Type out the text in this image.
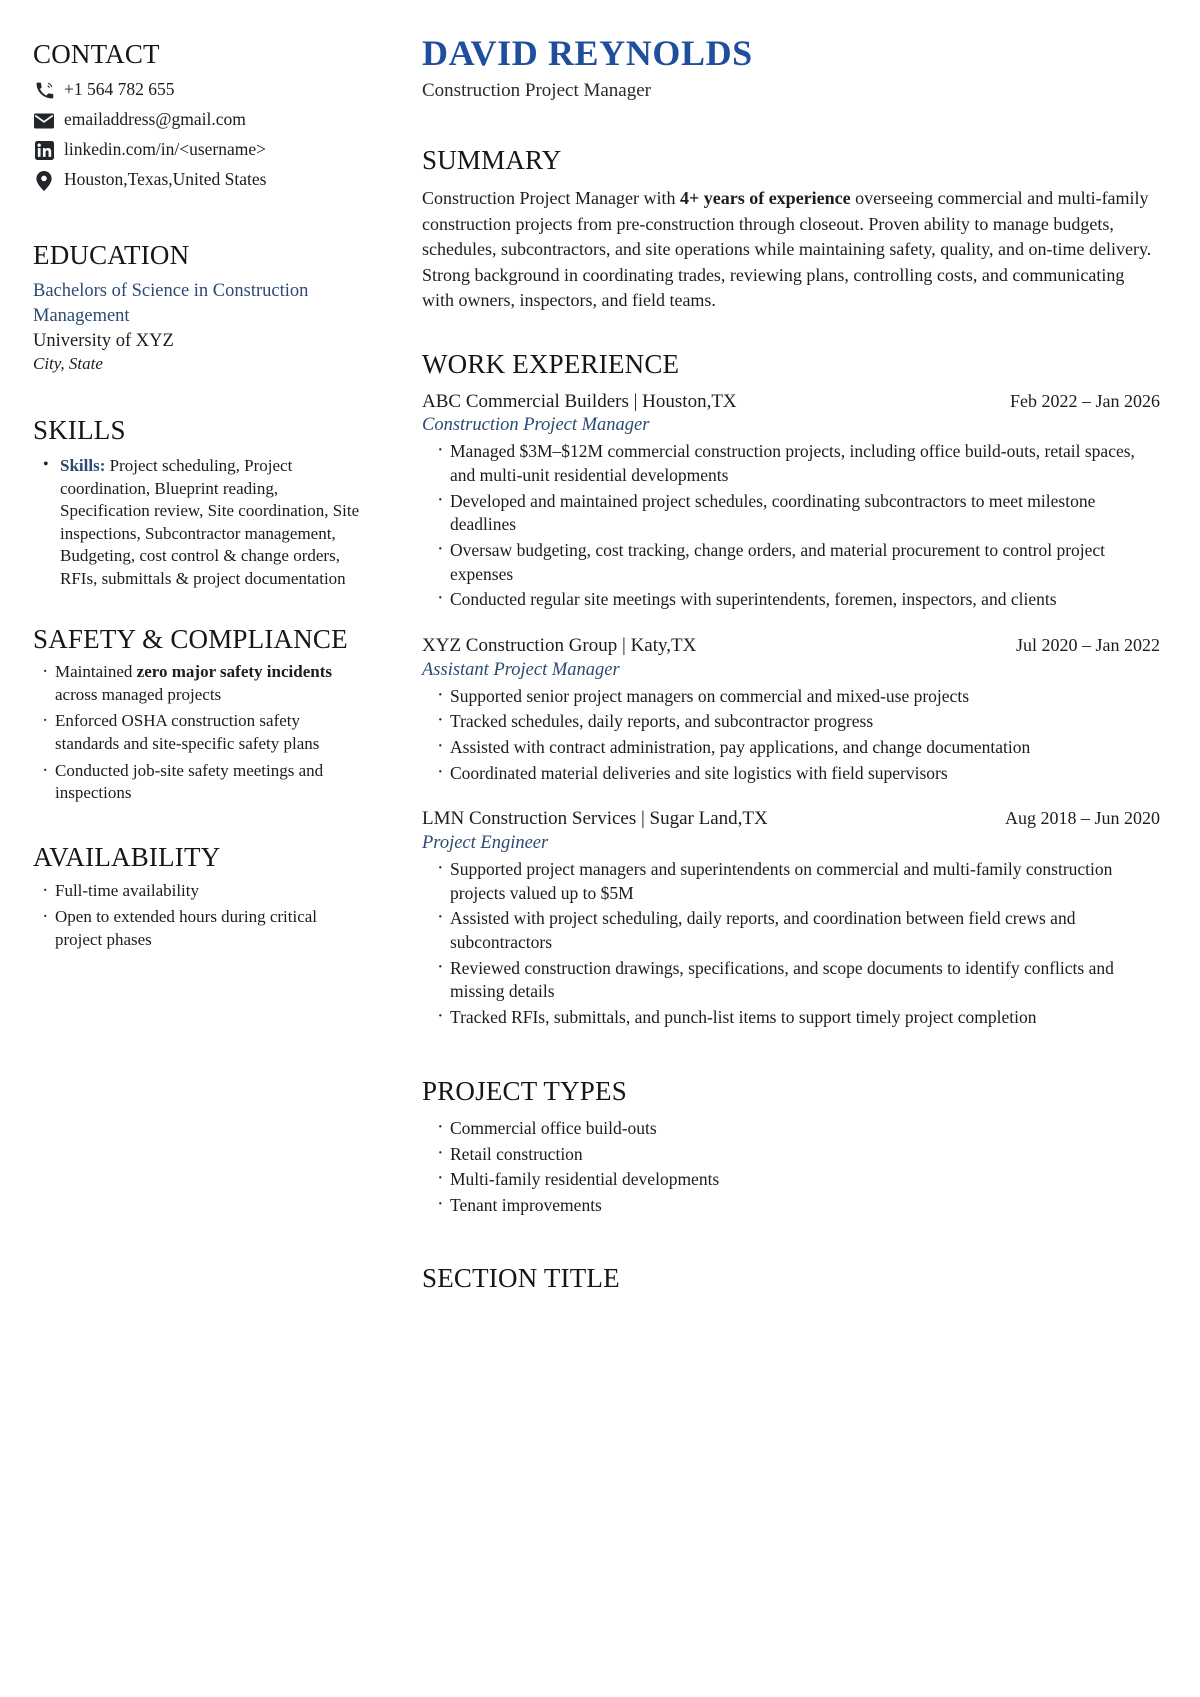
CONTACT
+1 564 782 655
emailaddress@gmail.com
linkedin.com/in/<username>
Houston,Texas,United States
EDUCATION
Bachelors of Science in Construction Management
University of XYZ
City, State
SKILLS
• Skills: Project scheduling, Project coordination, Blueprint reading, Specification review, Site coordination, Site inspections, Subcontractor management, Budgeting, cost control & change orders, RFIs, submittals & project documentation
SAFETY & COMPLIANCE
· Maintained zero major safety incidents across managed projects
· Enforced OSHA construction safety standards and site-specific safety plans
· Conducted job-site safety meetings and inspections
AVAILABILITY
· Full-time availability
· Open to extended hours during critical project phases
DAVID REYNOLDS
Construction Project Manager
SUMMARY

Construction Project Manager with 4+ years of experience overseeing commercial and multi-family construction projects from pre-construction through closeout. Proven ability to manage budgets, schedules, subcontractors, and site operations while maintaining safety, quality, and on-time delivery. Strong background in coordinating trades, reviewing plans, controlling costs, and communicating with owners, inspectors, and field teams.

WORK EXPERIENCE
ABC Commercial Builders | Houston,TX	Feb 2022 – Jan 2026
Construction Project Manager
· Managed $3M–$12M commercial construction projects, including office build-outs, retail spaces, and multi-unit residential developments
· Developed and maintained project schedules, coordinating subcontractors to meet milestone deadlines
· Oversaw budgeting, cost tracking, change orders, and material procurement to control project expenses
· Conducted regular site meetings with superintendents, foremen, inspectors, and clients
XYZ Construction Group | Katy,TX	Jul 2020 – Jan 2022
Assistant Project Manager
· Supported senior project managers on commercial and mixed-use projects
· Tracked schedules, daily reports, and subcontractor progress
· Assisted with contract administration, pay applications, and change documentation
· Coordinated material deliveries and site logistics with field supervisors
LMN Construction Services | Sugar Land,TX	Aug 2018 – Jun 2020
Project Engineer
· Supported project managers and superintendents on commercial and multi-family construction projects valued up to $5M
· Assisted with project scheduling, daily reports, and coordination between field crews and subcontractors
· Reviewed construction drawings, specifications, and scope documents to identify conflicts and missing details
· Tracked RFIs, submittals, and punch-list items to support timely project completion
PROJECT TYPES
· Commercial office build-outs
· Retail construction
· Multi-family residential developments
· Tenant improvements
SECTION TITLE
